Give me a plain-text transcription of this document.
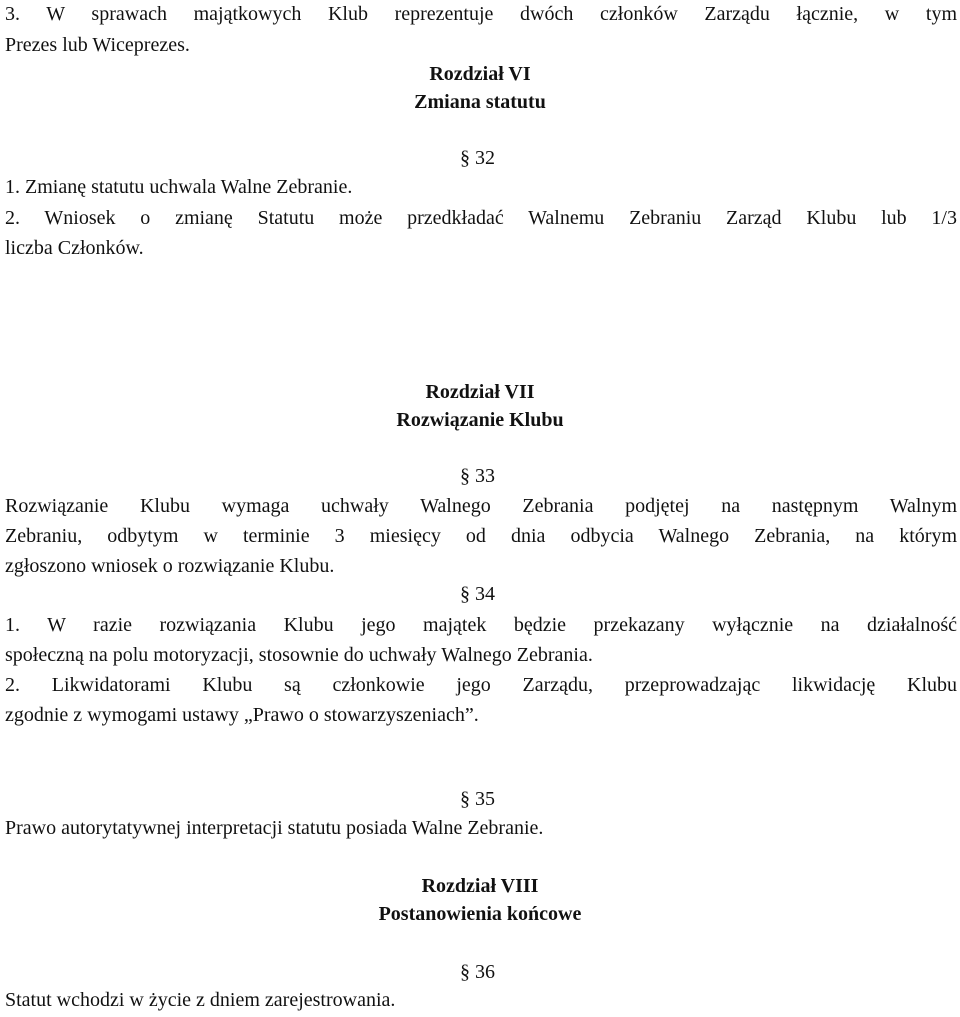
3. W sprawach majątkowych Klub reprezentuje dwóch członków Zarządu łącznie, w tym

Prezes lub Wiceprezes.

Rozdział VI

Zmiana statutu

§ 32

1. Zmianę statutu uchwala Walne Zebranie.

2. Wniosek o zmianę Statutu może przedkładać Walnemu Zebraniu Zarząd Klubu lub 1/3

liczba Członków.

Rozdział VII

Rozwiązanie Klubu

§ 33

Rozwiązanie Klubu wymaga uchwały Walnego Zebrania podjętej na następnym Walnym

Zebraniu, odbytym w terminie 3 miesięcy od dnia odbycia Walnego Zebrania, na którym

zgłoszono wniosek o rozwiązanie Klubu.

§ 34

1. W razie rozwiązania Klubu jego majątek będzie przekazany wyłącznie na działalność

społeczną na polu motoryzacji, stosownie do uchwały Walnego Zebrania.

2. Likwidatorami Klubu są członkowie jego Zarządu, przeprowadzając likwidację Klubu

zgodnie z wymogami ustawy „Prawo o stowarzyszeniach”.

§ 35

Prawo autorytatywnej interpretacji statutu posiada Walne Zebranie.

Rozdział VIII

Postanowienia końcowe

§ 36

Statut wchodzi w życie z dniem zarejestrowania.
